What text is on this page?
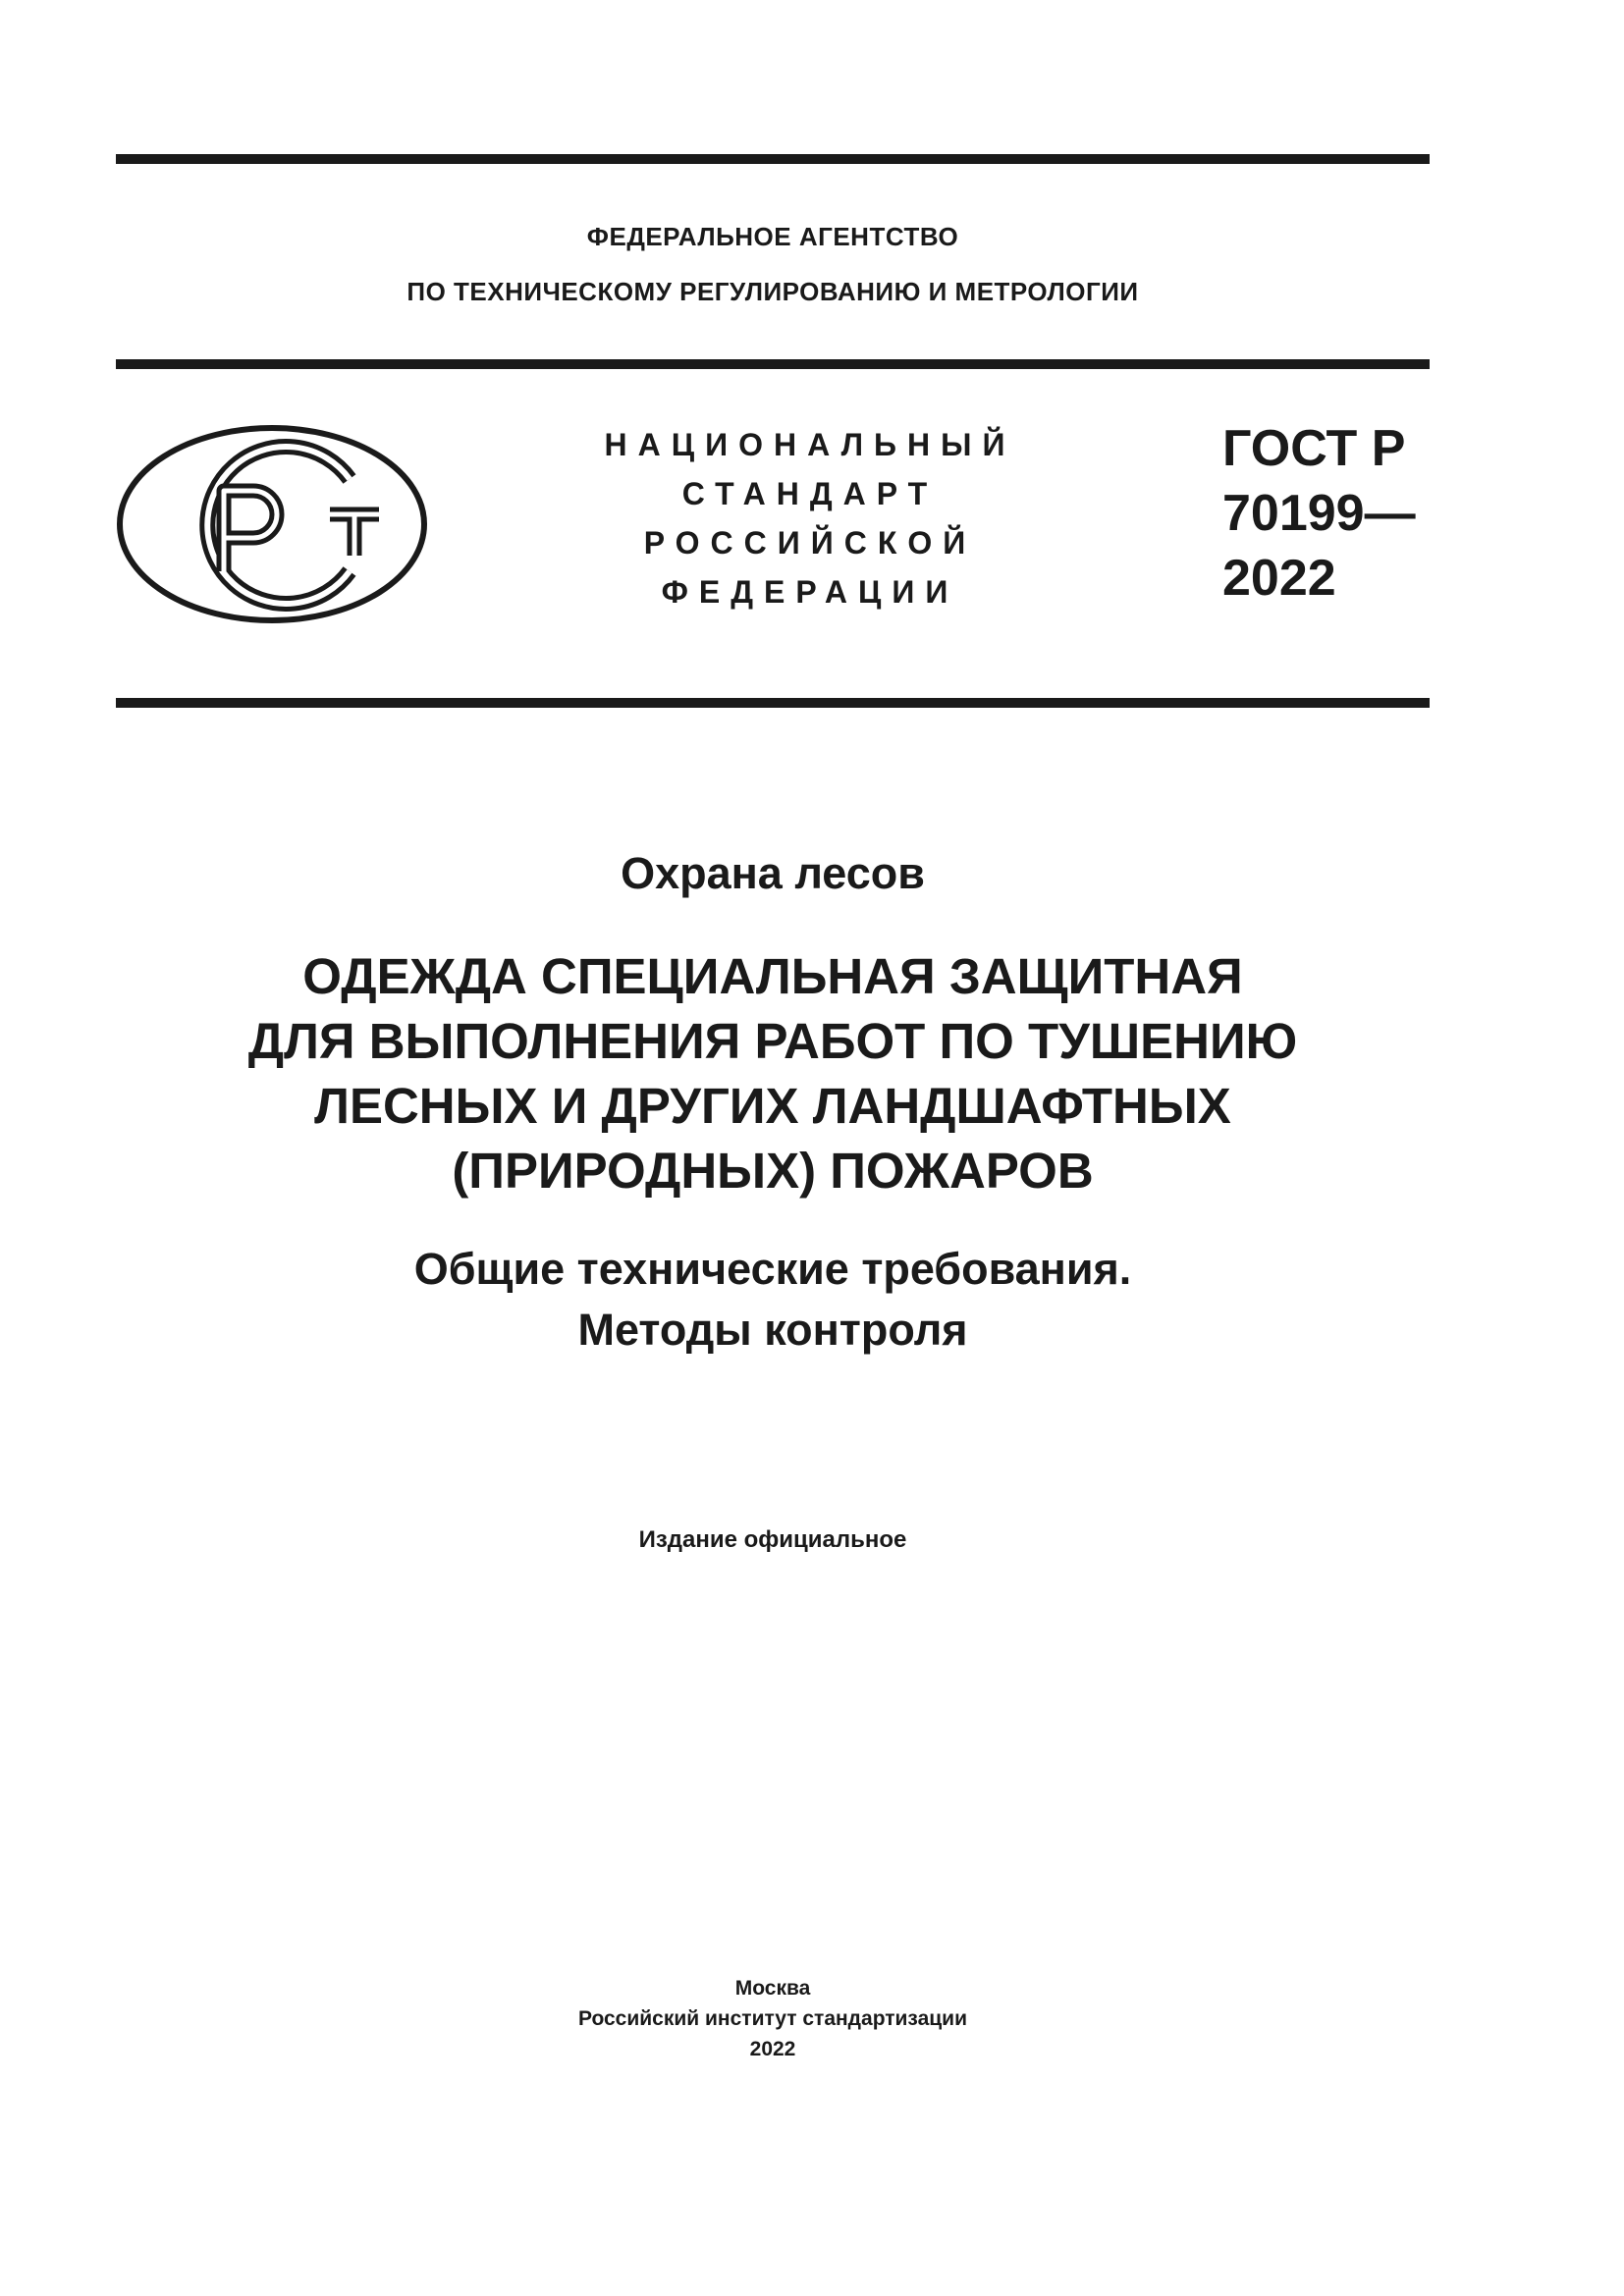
ФЕДЕРАЛЬНОЕ АГЕНТСТВО
ПО ТЕХНИЧЕСКОМУ РЕГУЛИРОВАНИЮ И МЕТРОЛОГИИ
НАЦИОНАЛЬНЫЙ
СТАНДАРТ
РОССИЙСКОЙ
ФЕДЕРАЦИИ
ГОСТ Р
70199—
2022
Охрана лесов
ОДЕЖДА СПЕЦИАЛЬНАЯ ЗАЩИТНАЯ
ДЛЯ ВЫПОЛНЕНИЯ РАБОТ ПО ТУШЕНИЮ
ЛЕСНЫХ И ДРУГИХ ЛАНДШАФТНЫХ
(ПРИРОДНЫХ) ПОЖАРОВ
Общие технические требования.
Методы контроля
Издание официальное
Москва
Российский институт стандартизации
2022
